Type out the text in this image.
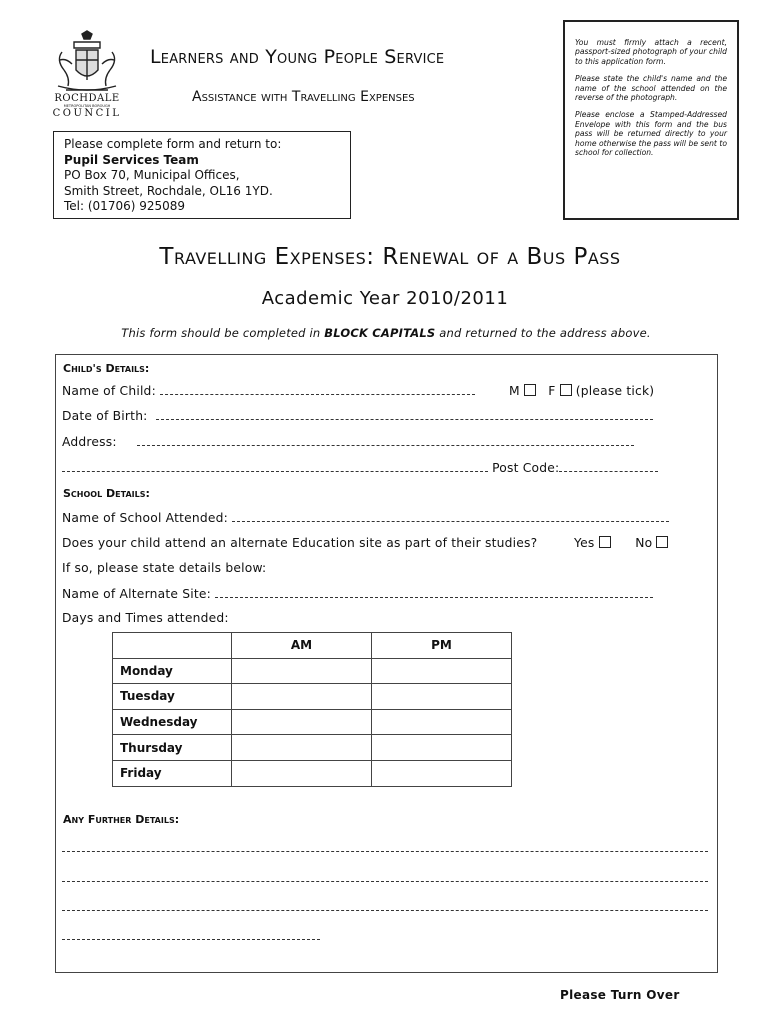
ROCHDALE
METROPOLITAN BOROUGH
COUNCIL
Learners and Young People Service
Assistance with Travelling Expenses
Please complete form and return to:
Pupil Services Team
PO Box 70, Municipal Offices,
Smith Street, Rochdale, OL16 1YD.
Tel: (01706) 925089

You must firmly attach a recent, passport-sized photograph of your child to this application form.

Please state the child's name and the name of the school attended on the reverse of the photograph.

Please enclose a Stamped-Addressed Envelope with this form and the bus pass will be returned directly to your home otherwise the pass will be sent to school for collection.

Travelling Expenses: Renewal of a Bus Pass
Academic Year 2010/2011
This form should be completed in BLOCK CAPITALS and returned to the address above.
Child's Details:
Name of Child:	M F (please tick)
Date of Birth:
Address:
Post Code:
School Details:
Name of School Attended:
Does your child attend an alternate Education site as part of their studies?	Yes	No
If so, please state details below:
Name of Alternate Site:
Days and Times attended:
	AM	PM
Monday		
Tuesday		
Wednesday		
Thursday		
Friday		
Any Further Details:
Please Turn Over
